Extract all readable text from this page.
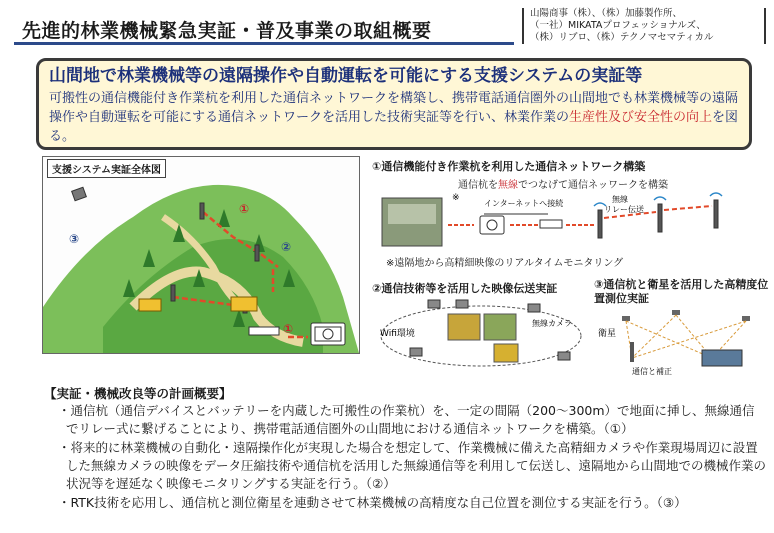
先進的林業機械緊急実証・普及事業の取組概要
山陽商事（株）、（株）加藤製作所、
（一社）MIKATAプロフェッショナルズ、
（株）リブロ、（株）テクノマセマティカル
山間地で林業機械等の遠隔操作や自動運転を可能にする支援システムの実証等
可搬性の通信機能付き作業杭を利用した通信ネットワークを構築し、携帯電話通信圏外の山間地でも林業機械等の遠隔操作や自動運転を可能にする通信ネットワークを活用した技術実証等を行い、林業作業の生産性及び安全性の向上を図る。
①
②
③
①
支援システム実証全体図	①通信機能付き作業杭を利用した通信ネットワーク構築
通信杭を無線でつなげて通信ネッワークを構築
※
インターネットへ接続	無線
リレー伝送
※遠隔地から高精細映像のリアルタイムモニタリング
②通信技術等を活用した映像伝送実証
Wifi環境
無線カメラ
③通信杭と衛星を活用した高精度位置測位実証
衛星
通信と補正
【実証・機械改良等の計画概要】
・通信杭（通信デバイスとバッテリーを内蔵した可搬性の作業杭）を、一定の間隔（200～300m）で地面に挿し、無線通信でリレー式に繋げることにより、携帯電話通信圏外の山間地における通信ネットワークを構築。（①）
・将来的に林業機械の自動化・遠隔操作化が実現した場合を想定して、作業機械に備えた高精細カメラや作業現場周辺に設置した無線カメラの映像をデータ圧縮技術や通信杭を活用した無線通信等を利用して伝送し、遠隔地から山間地での機械作業の状況等を遅延なく映像モニタリングする実証を行う。（②）
・RTK技術を応用し、通信杭と測位衛星を連動させて林業機械の高精度な自己位置を測位する実証を行う。（③）
